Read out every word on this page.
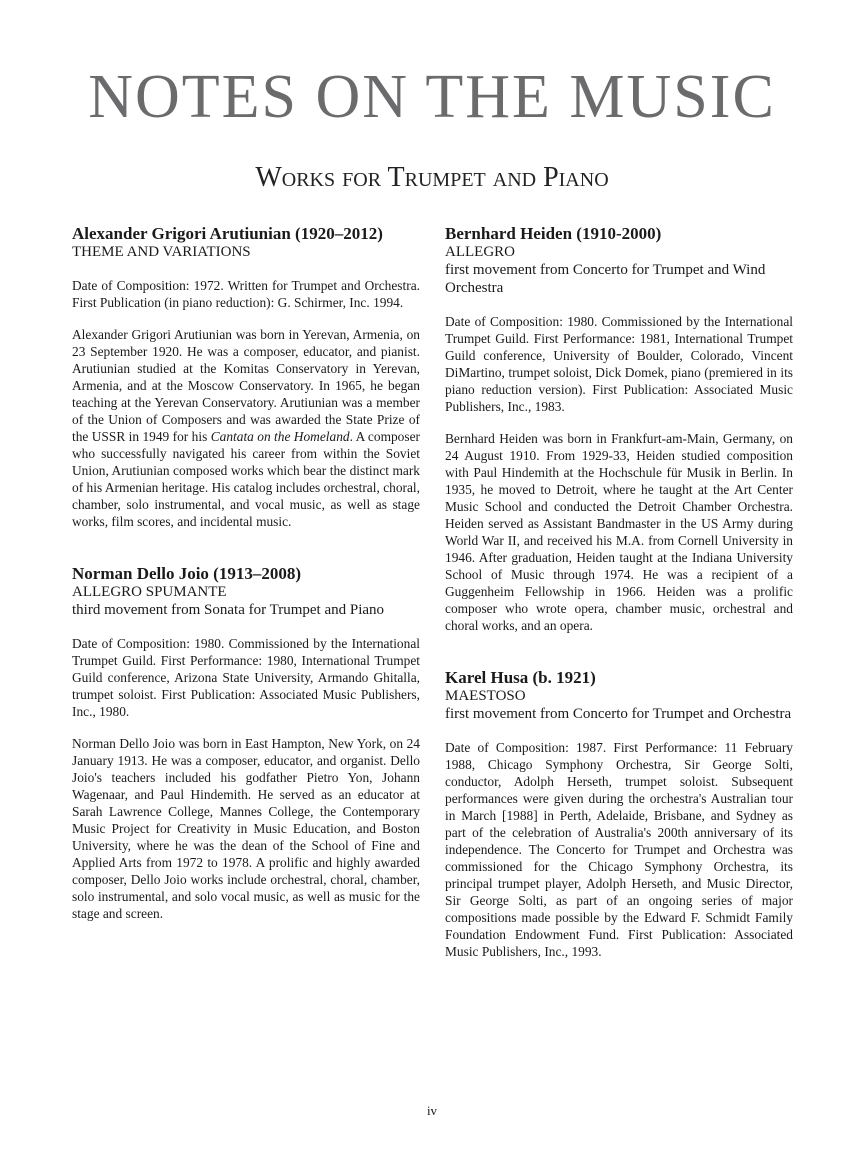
NOTES ON THE MUSIC
Works for Trumpet and Piano

Alexander Grigori Arutiunian (1920–2012)

THEME AND VARIATIONS

Date of Composition: 1972. Written for Trumpet and Orchestra. First Publication (in piano reduction): G. Schirmer, Inc. 1994.

Alexander Grigori Arutiunian was born in Yerevan, Armenia, on 23 September 1920. He was a composer, educator, and pianist. Arutiunian studied at the Komitas Conservatory in Yerevan, Armenia, and at the Moscow Conservatory. In 1965, he began teaching at the Yerevan Conservatory. Arutiunian was a member of the Union of Composers and was awarded the State Prize of the USSR in 1949 for his Cantata on the Homeland. A composer who successfully navigated his career from within the Soviet Union, Arutiunian composed works which bear the distinct mark of his Armenian heritage. His catalog includes orchestral, choral, chamber, solo instrumental, and vocal music, as well as stage works, film scores, and incidental music.

Norman Dello Joio (1913–2008)

ALLEGRO SPUMANTE

third movement from Sonata for Trumpet and Piano

Date of Composition: 1980. Commissioned by the International Trumpet Guild. First Performance: 1980, International Trumpet Guild conference, Arizona State University, Armando Ghitalla, trumpet soloist. First Publication: Associated Music Publishers, Inc., 1980.

Norman Dello Joio was born in East Hampton, New York, on 24 January 1913. He was a composer, educator, and organist. Dello Joio's teachers included his godfather Pietro Yon, Johann Wagenaar, and Paul Hindemith. He served as an educator at Sarah Lawrence College, Mannes College, the Contemporary Music Project for Creativity in Music Education, and Boston University, where he was the dean of the School of Fine and Applied Arts from 1972 to 1978. A prolific and highly awarded composer, Dello Joio works include orchestral, choral, chamber, solo instrumental, and solo vocal music, as well as music for the stage and screen.

Bernhard Heiden (1910-2000)

ALLEGRO

first movement from Concerto for Trumpet and Wind Orchestra

Date of Composition: 1980. Commissioned by the International Trumpet Guild. First Performance: 1981, International Trumpet Guild conference, University of Boulder, Colorado, Vincent DiMartino, trumpet soloist, Dick Domek, piano (premiered in its piano reduction version). First Publication: Associated Music Publishers, Inc., 1983.

Bernhard Heiden was born in Frankfurt-am-Main, Germany, on 24 August 1910. From 1929-33, Heiden studied composition with Paul Hindemith at the Hochschule für Musik in Berlin. In 1935, he moved to Detroit, where he taught at the Art Center Music School and conducted the Detroit Chamber Orchestra. Heiden served as Assistant Bandmaster in the US Army during World War II, and received his M.A. from Cornell University in 1946. After graduation, Heiden taught at the Indiana University School of Music through 1974. He was a recipient of a Guggenheim Fellowship in 1966. Heiden was a prolific composer who wrote opera, chamber music, orchestral and choral works, and an opera.

Karel Husa (b. 1921)

MAESTOSO

first movement from Concerto for Trumpet and Orchestra

Date of Composition: 1987. First Performance: 11 February 1988, Chicago Symphony Orchestra, Sir George Solti, conductor, Adolph Herseth, trumpet soloist. Subsequent performances were given during the orchestra's Australian tour in March [1988] in Perth, Adelaide, Brisbane, and Sydney as part of the celebration of Australia's 200th anniversary of its independence. The Concerto for Trumpet and Orchestra was commissioned for the Chicago Symphony Orchestra, its principal trumpet player, Adolph Herseth, and Music Director, Sir George Solti, as part of an ongoing series of major compositions made possible by the Edward F. Schmidt Family Foundation Endowment Fund. First Publication: Associated Music Publishers, Inc., 1993.

iv
